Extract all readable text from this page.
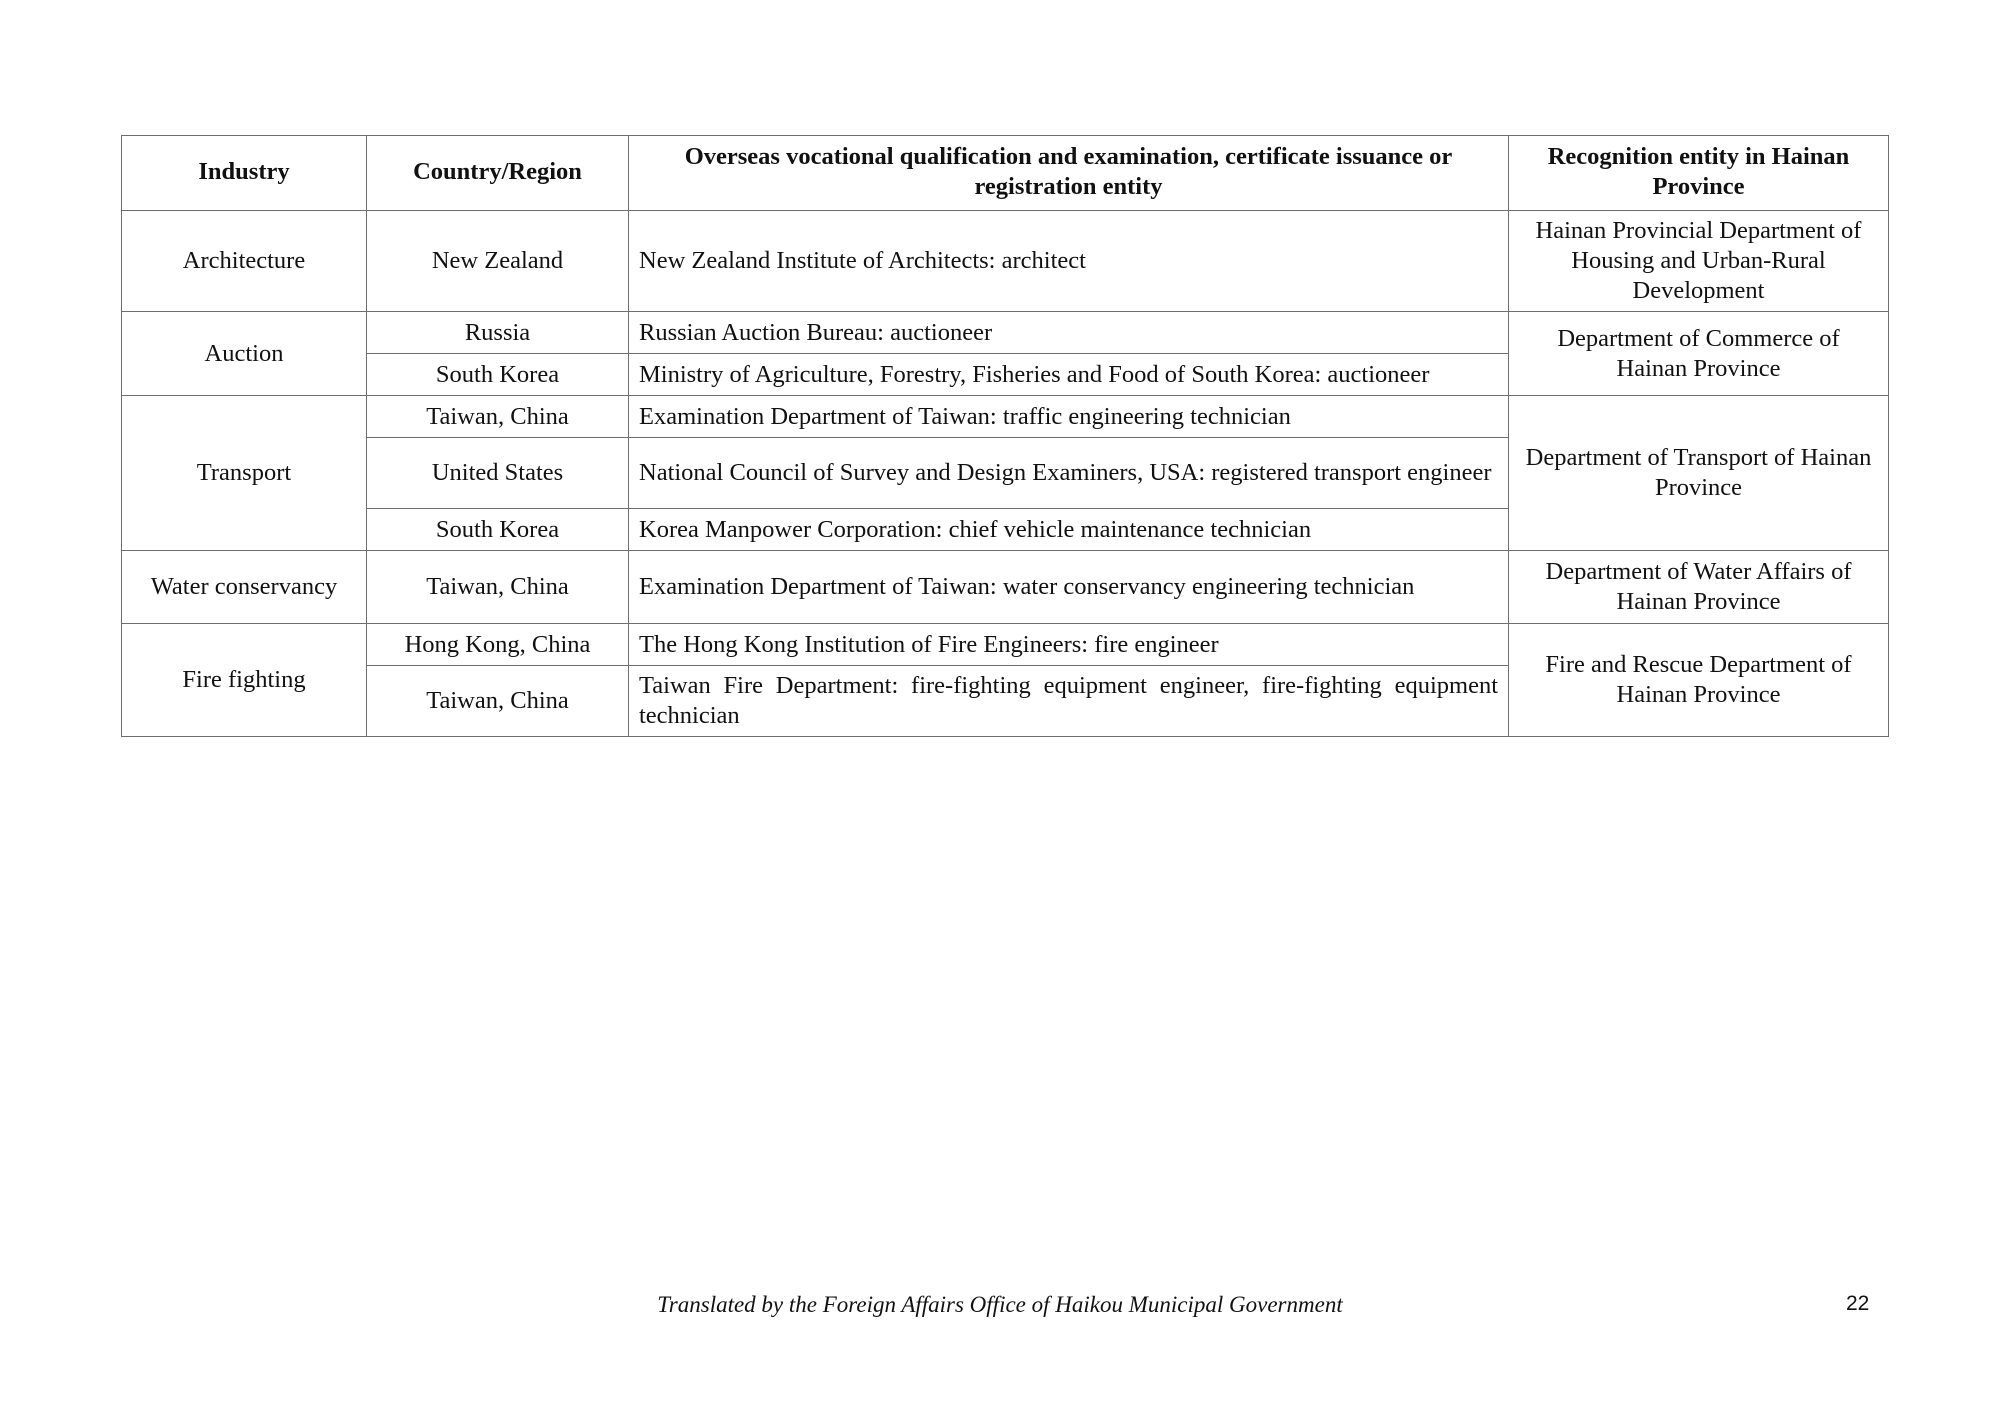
Industry	Country/Region	Overseas vocational qualification and examination, certificate issuance or registration entity	Recognition entity in Hainan Province
Architecture	New Zealand	New Zealand Institute of Architects: architect	Hainan Provincial Department of Housing and Urban-Rural Development
Auction	Russia	Russian Auction Bureau: auctioneer	Department of Commerce of Hainan Province
	South Korea	Ministry of Agriculture, Forestry, Fisheries and Food of South Korea: auctioneer	
Transport	Taiwan, China	Examination Department of Taiwan: traffic engineering technician	Department of Transport of Hainan Province
	United States	National Council of Survey and Design Examiners, USA: registered transport engineer	
	South Korea	Korea Manpower Corporation: chief vehicle maintenance technician	
Water conservancy	Taiwan, China	Examination Department of Taiwan: water conservancy engineering technician	Department of Water Affairs of Hainan Province
Fire fighting	Hong Kong, China	The Hong Kong Institution of Fire Engineers: fire engineer	Fire and Rescue Department of Hainan Province
	Taiwan, China	Taiwan Fire Department: fire-fighting equipment engineer, fire-fighting equipment technician	
Translated by the Foreign Affairs Office of Haikou Municipal Government	22
